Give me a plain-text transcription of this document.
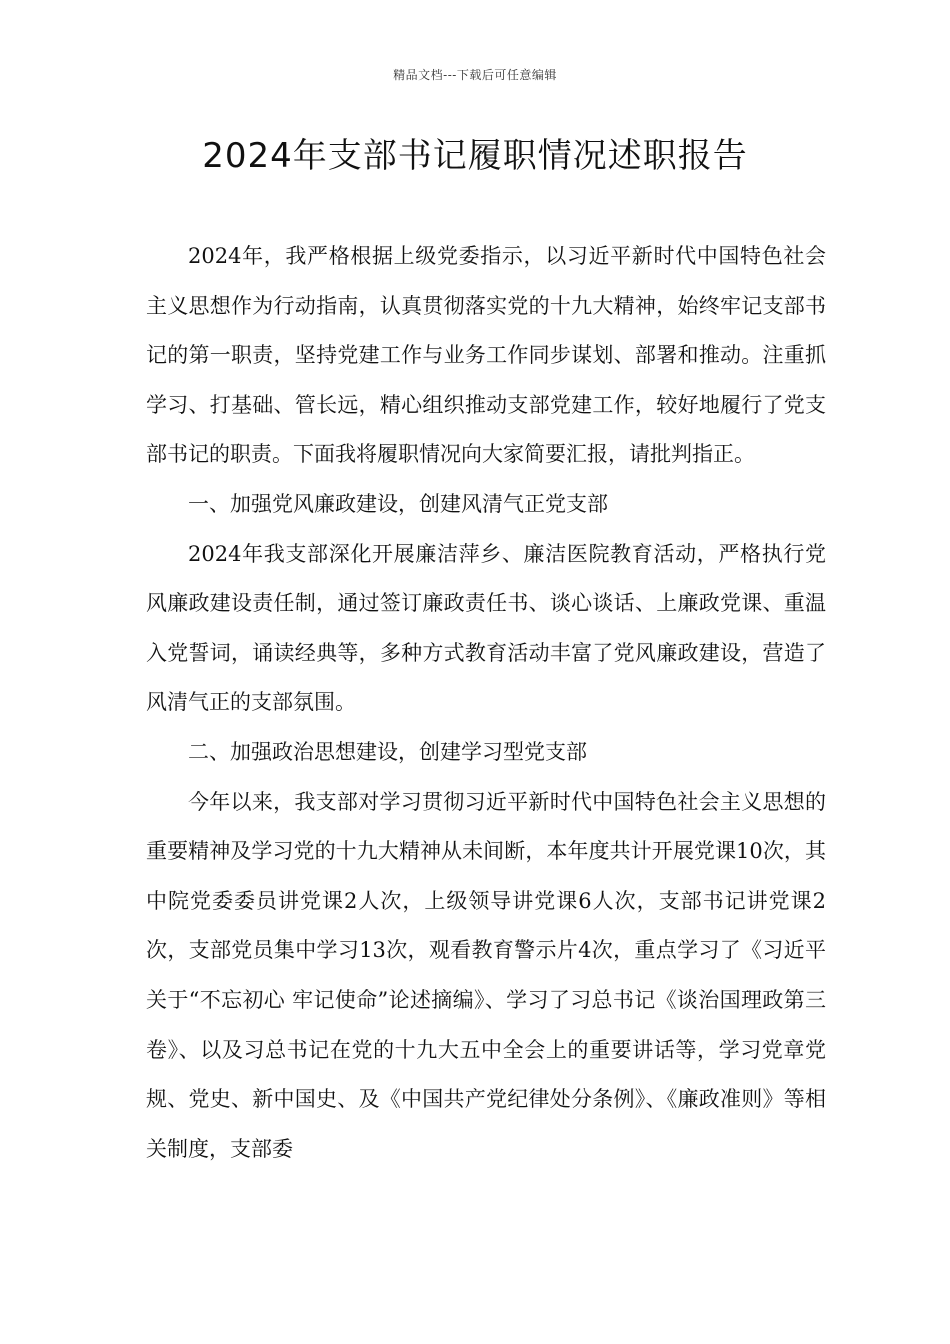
精品文档---下载后可任意编辑
2024年支部书记履职情况述职报告

2024年，我严格根据上级党委指示，以习近平新时代中国特色社会主义思想作为行动指南，认真贯彻落实党的十九大精神，始终牢记支部书记的第一职责，坚持党建工作与业务工作同步谋划、部署和推动。注重抓学习、打基础、管长远，精心组织推动支部党建工作，较好地履行了党支部书记的职责。下面我将履职情况向大家简要汇报，请批判指正。

一、加强党风廉政建设，创建风清气正党支部

2024年我支部深化开展廉洁萍乡、廉洁医院教育活动，严格执行党风廉政建设责任制，通过签订廉政责任书、谈心谈话、上廉政党课、重温入党誓词，诵读经典等，多种方式教育活动丰富了党风廉政建设，营造了风清气正的支部氛围。

二、加强政治思想建设，创建学习型党支部

今年以来，我支部对学习贯彻习近平新时代中国特色社会主义思想的重要精神及学习党的十九大精神从未间断，本年度共计开展党课10次，其中院党委委员讲党课2人次，上级领导讲党课6人次，支部书记讲党课2次，支部党员集中学习13次，观看教育警示片4次，重点学习了《习近平关于“不忘初心 牢记使命”论述摘编》、学习了习总书记《谈治国理政第三卷》、以及习总书记在党的十九大五中全会上的重要讲话等，学习党章党规、党史、新中国史、及《中国共产党纪律处分条例》、《廉政准则》等相关制度，支部委
